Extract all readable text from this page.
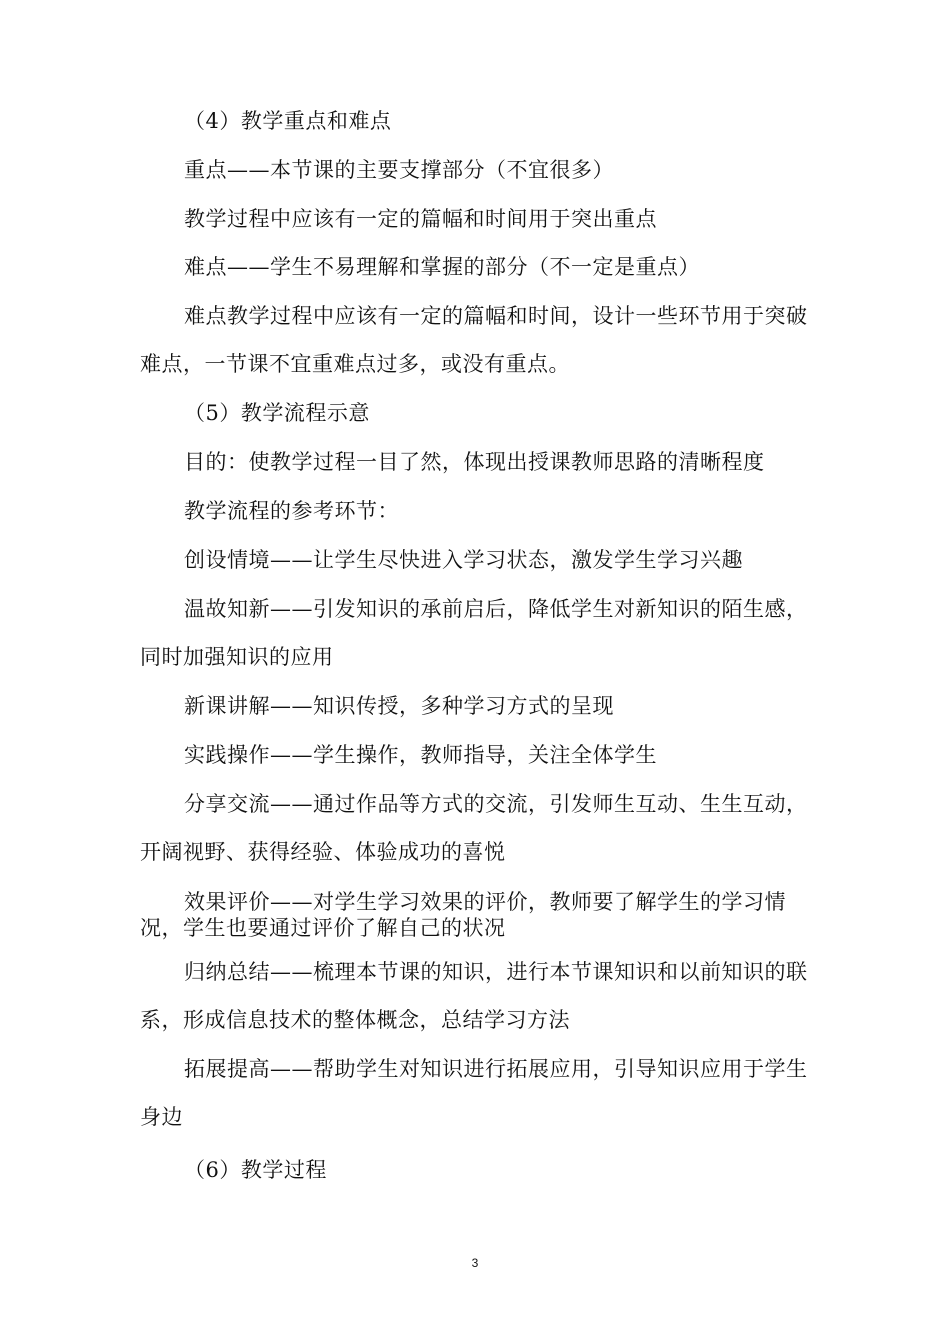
（4）教学重点和难点

重点——本节课的主要支撑部分（不宜很多）

教学过程中应该有一定的篇幅和时间用于突出重点

难点——学生不易理解和掌握的部分（不一定是重点）

难点教学过程中应该有一定的篇幅和时间，设计一些环节用于突破难点，一节课不宜重难点过多，或没有重点。

（5）教学流程示意

目的：使教学过程一目了然，体现出授课教师思路的清晰程度

教学流程的参考环节：

创设情境——让学生尽快进入学习状态，激发学生学习兴趣

温故知新——引发知识的承前启后，降低学生对新知识的陌生感，同时加强知识的应用

新课讲解——知识传授，多种学习方式的呈现

实践操作——学生操作，教师指导，关注全体学生

分享交流——通过作品等方式的交流，引发师生互动、生生互动，开阔视野、获得经验、体验成功的喜悦

效果评价——对学生学习效果的评价，教师要了解学生的学习情况，学生也要通过评价了解自己的状况

归纳总结——梳理本节课的知识，进行本节课知识和以前知识的联系，形成信息技术的整体概念，总结学习方法

拓展提高——帮助学生对知识进行拓展应用，引导知识应用于学生身边

（6）教学过程

3
